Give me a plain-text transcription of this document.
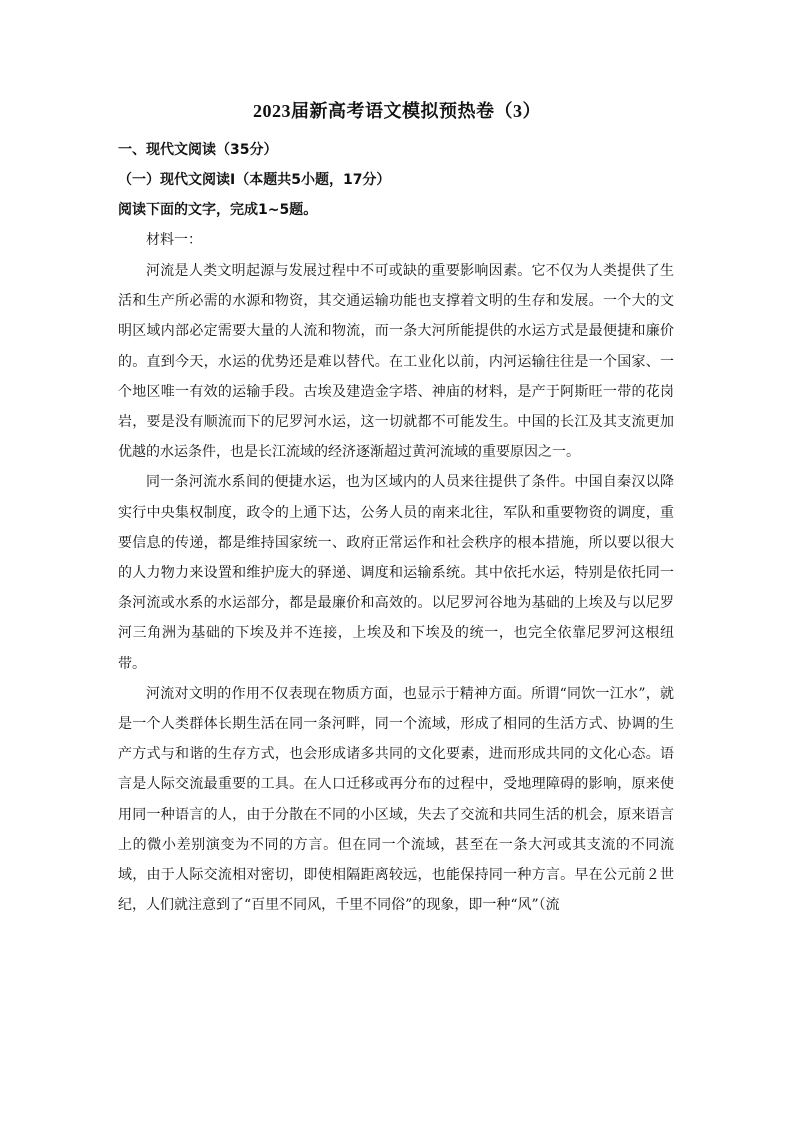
2023届新高考语文模拟预热卷（3）
一、现代文阅读（35分）
（一）现代文阅读Ⅰ（本题共5小题，17分）
阅读下面的文字，完成1~5题。
材料一：

河流是人类文明起源与发展过程中不可或缺的重要影响因素。它不仅为人类提供了生活和生产所必需的水源和物资，其交通运输功能也支撑着文明的生存和发展。一个大的文明区域内部必定需要大量的人流和物流，而一条大河所能提供的水运方式是最便捷和廉价的。直到今天，水运的优势还是难以替代。在工业化以前，内河运输往往是一个国家、一个地区唯一有效的运输手段。古埃及建造金字塔、神庙的材料，是产于阿斯旺一带的花岗岩，要是没有顺流而下的尼罗河水运，这一切就都不可能发生。中国的长江及其支流更加优越的水运条件，也是长江流域的经济逐渐超过黄河流域的重要原因之一。

同一条河流水系间的便捷水运，也为区域内的人员来往提供了条件。中国自秦汉以降实行中央集权制度，政令的上通下达，公务人员的南来北往，军队和重要物资的调度，重要信息的传递，都是维持国家统一、政府正常运作和社会秩序的根本措施，所以要以很大的人力物力来设置和维护庞大的驿递、调度和运输系统。其中依托水运，特别是依托同一条河流或水系的水运部分，都是最廉价和高效的。以尼罗河谷地为基础的上埃及与以尼罗河三角洲为基础的下埃及并不连接，上埃及和下埃及的统一，也完全依靠尼罗河这根纽带。

河流对文明的作用不仅表现在物质方面，也显示于精神方面。所谓“同饮一江水”，就是一个人类群体长期生活在同一条河畔，同一个流域，形成了相同的生活方式、协调的生产方式与和谐的生存方式，也会形成诸多共同的文化要素，进而形成共同的文化心态。语言是人际交流最重要的工具。在人口迁移或再分布的过程中，受地理障碍的影响，原来使用同一种语言的人，由于分散在不同的小区域，失去了交流和共同生活的机会，原来语言上的微小差别演变为不同的方言。但在同一个流域，甚至在一条大河或其支流的不同流域，由于人际交流相对密切，即使相隔距离较远，也能保持同一种方言。早在公元前２世纪，人们就注意到了“百里不同风，千里不同俗”的现象，即一种“风”（流
